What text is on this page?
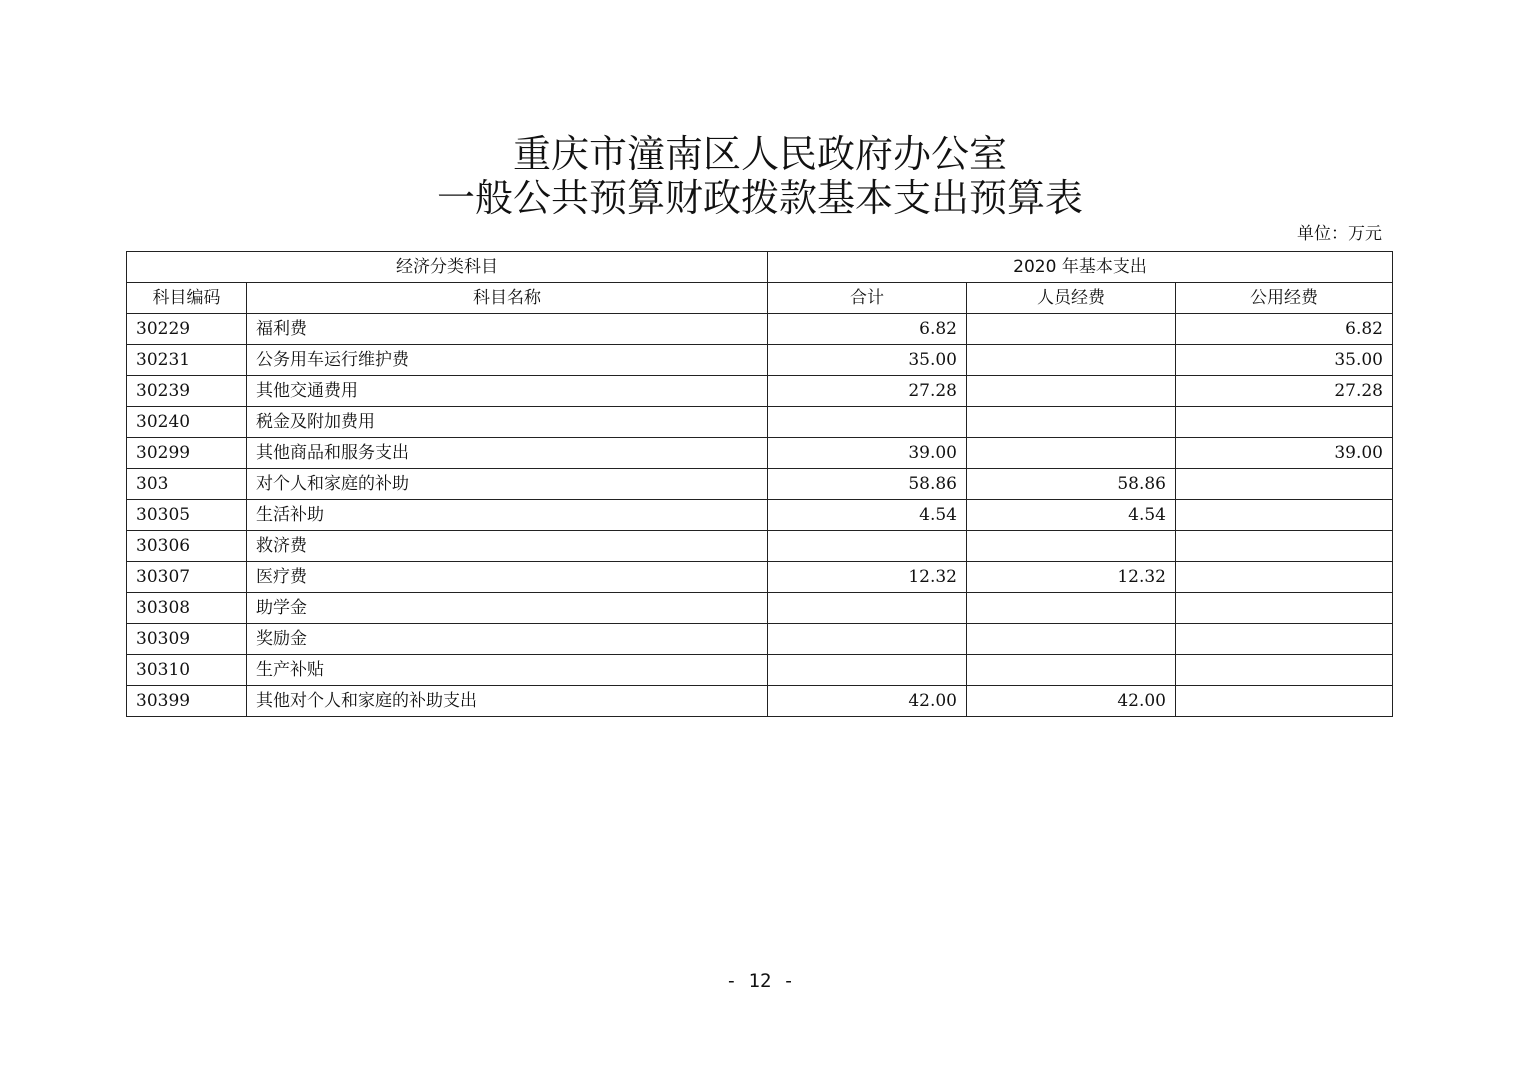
重庆市潼南区人民政府办公室
一般公共预算财政拨款基本支出预算表
单位：万元
经济分类科目		2020 年基本支出		
科目编码	科目名称	合计	人员经费	公用经费
30229	福利费	6.82		6.82
30231	公务用车运行维护费	35.00		35.00
30239	其他交通费用	27.28		27.28
30240	税金及附加费用			
30299	其他商品和服务支出	39.00		39.00
303	对个人和家庭的补助	58.86	58.86	
30305	生活补助	4.54	4.54	
30306	救济费			
30307	医疗费	12.32	12.32	
30308	助学金			
30309	奖励金			
30310	生产补贴			
30399	其他对个人和家庭的补助支出	42.00	42.00	
- 12 -
